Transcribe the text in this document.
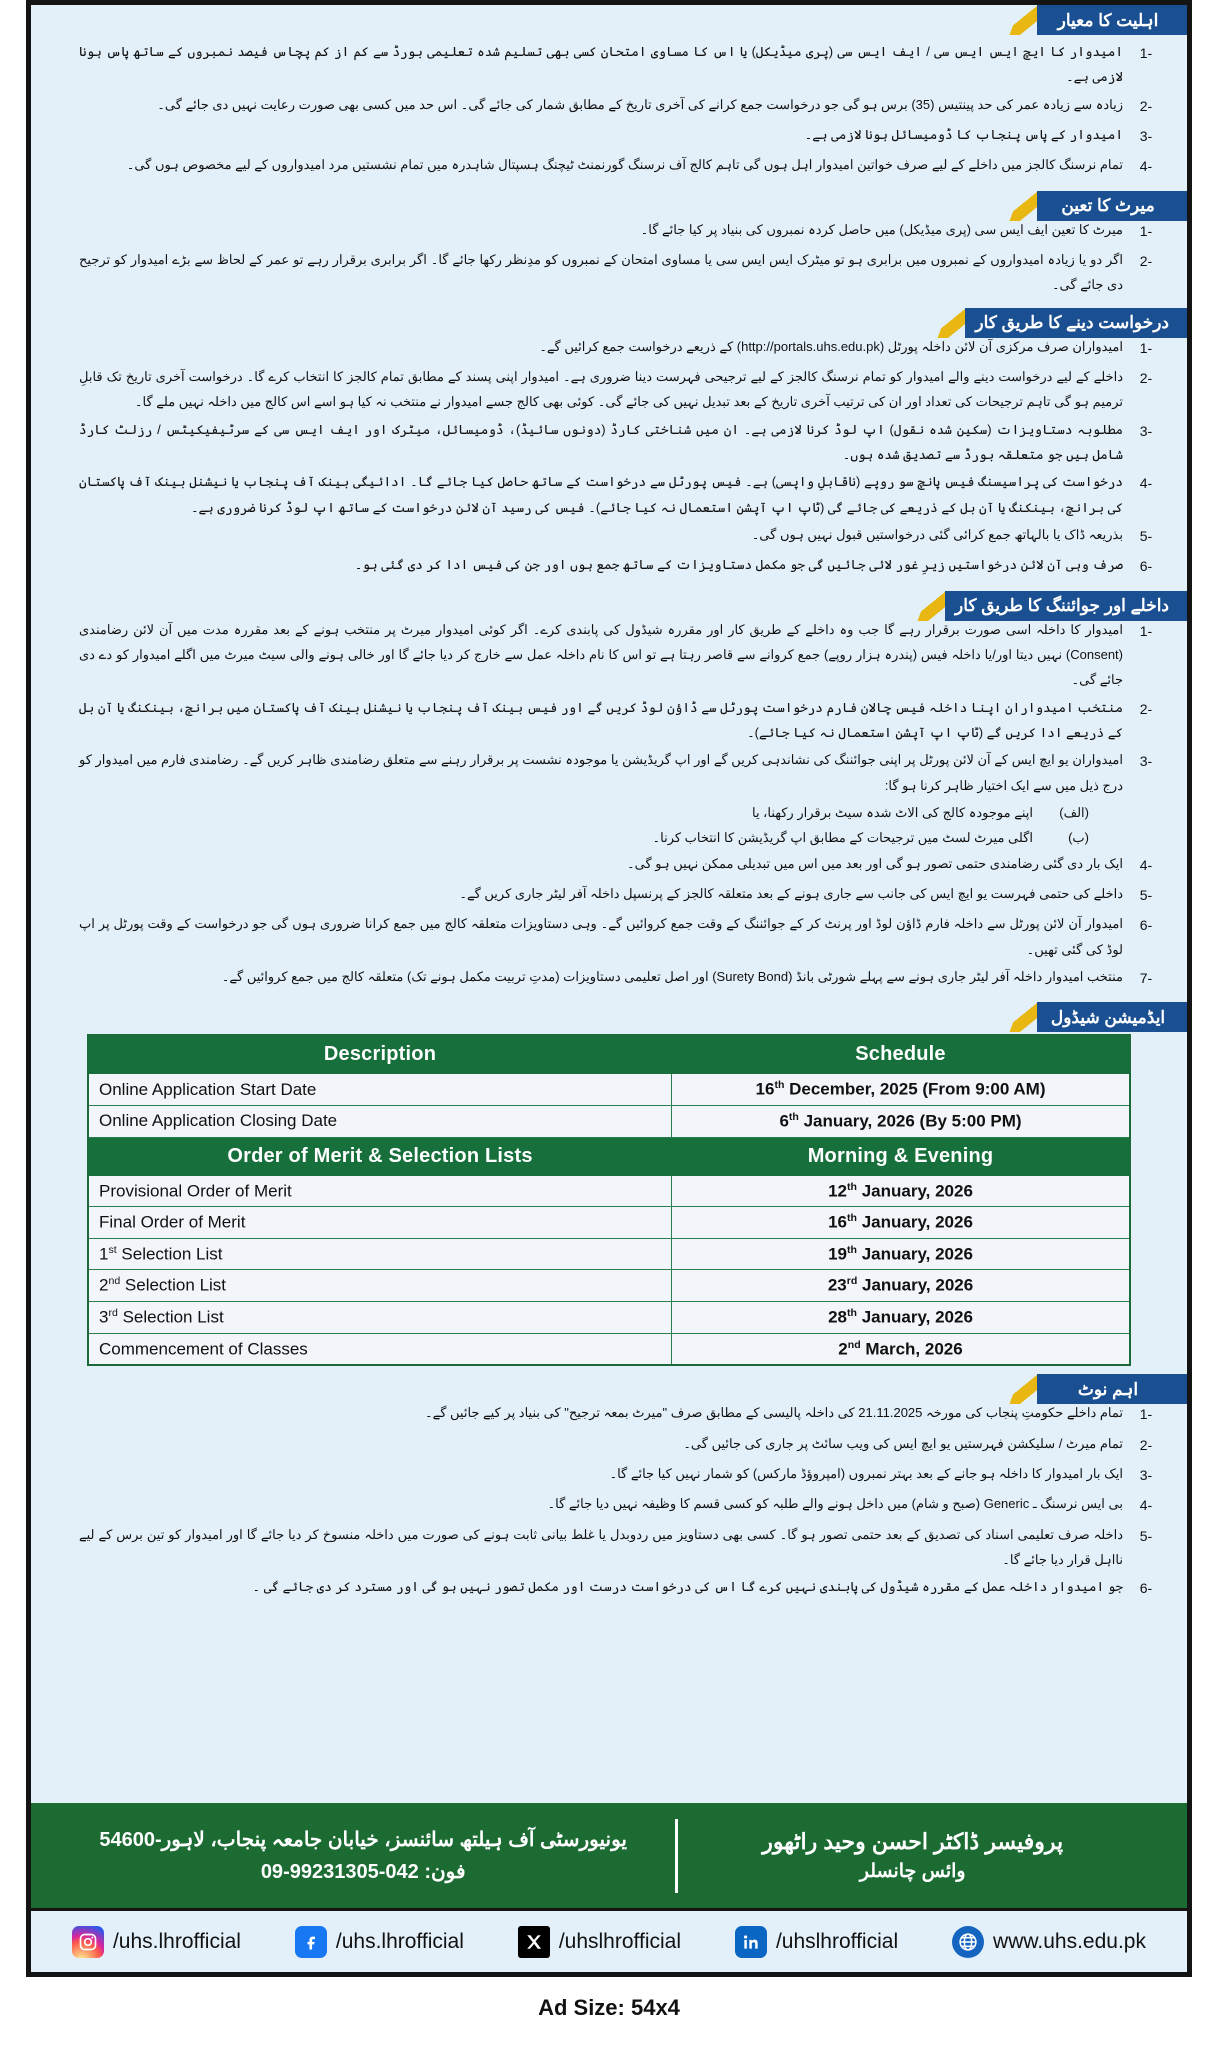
اہلیت کا معیار
1-
امیدوار کا ایچ ایس ایس سی / ایف ایس سی (پری میڈیکل) یا اس کا مساوی امتحان کسی بھی تسلیم شدہ تعلیمی بورڈ سے کم از کم پچاس فیصد نمبروں کے ساتھ پاس ہونا لازمی ہے۔
2-
زیادہ سے زیادہ عمر کی حد پینتیس (35) برس ہو گی جو درخواست جمع کرانے کی آخری تاریخ کے مطابق شمار کی جائے گی۔ اس حد میں کسی بھی صورت رعایت نہیں دی جائے گی۔
3-
امیدوار کے پاس پنجاب کا ڈومیسائل ہونا لازمی ہے۔
4-
تمام نرسنگ کالجز میں داخلے کے لیے صرف خواتین امیدوار اہل ہوں گی تاہم کالج آف نرسنگ گورنمنٹ ٹیچنگ ہسپتال شاہدرہ میں تمام نشستیں مرد امیدواروں کے لیے مخصوص ہوں گی۔
میرٹ کا تعین
1-
میرٹ کا تعین ایف ایس سی (پری میڈیکل) میں حاصل کردہ نمبروں کی بنیاد پر کیا جائے گا۔
2-
اگر دو یا زیادہ امیدواروں کے نمبروں میں برابری ہو تو میٹرک ایس ایس سی یا مساوی امتحان کے نمبروں کو مدِنظر رکھا جائے گا۔ اگر برابری برقرار رہے تو عمر کے لحاظ سے بڑے امیدوار کو ترجیح دی جائے گی۔
درخواست دینے کا طریق کار
1-
امیدواران صرف مرکزی آن لائن داخلہ پورٹل (http://portals.uhs.edu.pk) کے ذریعے درخواست جمع کرائیں گے۔
2-
داخلے کے لیے درخواست دینے والے امیدوار کو تمام نرسنگ کالجز کے لیے ترجیحی فہرست دینا ضروری ہے۔ امیدوار اپنی پسند کے مطابق تمام کالجز کا انتخاب کرے گا۔ درخواست آخری تاریخ تک قابلِ ترمیم ہو گی تاہم ترجیحات کی تعداد اور ان کی ترتیب آخری تاریخ کے بعد تبدیل نہیں کی جائے گی۔ کوئی بھی کالج جسے امیدوار نے منتخب نہ کیا ہو اسے اس کالج میں داخلہ نہیں ملے گا۔
3-
مطلوبہ دستاویزات (سکین شدہ نقول) اپ لوڈ کرنا لازمی ہے۔ ان میں شناختی کارڈ (دونوں سائیڈ)، ڈومیسائل، میٹرک اور ایف ایس سی کے سرٹیفیکیٹس / رزلٹ کارڈ شامل ہیں جو متعلقہ بورڈ سے تصدیق شدہ ہوں۔
4-
درخواست کی پراسیسنگ فیس پانچ سو روپے (ناقابلِ واپسی) ہے۔ فیس پورٹل سے درخواست کے ساتھ حاصل کیا جائے گا۔ ادائیگی بینک آف پنجاب یا نیشنل بینک آف پاکستان کی برانچ، بینکنگ یا آن بل کے ذریعے کی جائے گی (ٹاپ اپ آپشن استعمال نہ کیا جائے)۔ فیس کی رسید آن لائن درخواست کے ساتھ اپ لوڈ کرنا ضروری ہے۔
5-
بذریعہ ڈاک یا بالہاتھ جمع کرائی گئی درخواستیں قبول نہیں ہوں گی۔
6-
صرف وہی آن لائن درخواستیں زیرِ غور لائی جائیں گی جو مکمل دستاویزات کے ساتھ جمع ہوں اور جن کی فیس ادا کر دی گئی ہو۔
داخلے اور جوائننگ کا طریق کار
1-
امیدوار کا داخلہ اسی صورت برقرار رہے گا جب وہ داخلے کے طریق کار اور مقررہ شیڈول کی پابندی کرے۔ اگر کوئی امیدوار میرٹ پر منتخب ہونے کے بعد مقررہ مدت میں آن لائن رضامندی (Consent) نہیں دیتا اور/یا داخلہ فیس (پندرہ ہزار روپے) جمع کروانے سے قاصر رہتا ہے تو اس کا نام داخلہ عمل سے خارج کر دیا جائے گا اور خالی ہونے والی سیٹ میرٹ میں اگلے امیدوار کو دے دی جائے گی۔
2-
منتخب امیدواران اپنا داخلہ فیس چالان فارم درخواست پورٹل سے ڈاؤن لوڈ کریں گے اور فیس بینک آف پنجاب یا نیشنل بینک آف پاکستان میں برانچ، بینکنگ یا آن بل کے ذریعے ادا کریں گے (ٹاپ اپ آپشن استعمال نہ کیا جائے)۔
3-
امیدواران یو ایچ ایس کے آن لائن پورٹل پر اپنی جوائننگ کی نشاندہی کریں گے اور اپ گریڈیشن یا موجودہ نشست پر برقرار رہنے سے متعلق رضامندی ظاہر کریں گے۔ رضامندی فارم میں امیدوار کو درج ذیل میں سے ایک اختیار ظاہر کرنا ہو گا:
(الف)
اپنے موجودہ کالج کی الاٹ شدہ سیٹ برقرار رکھنا، یا
(ب)
اگلی میرٹ لسٹ میں ترجیحات کے مطابق اپ گریڈیشن کا انتخاب کرنا۔
4-
ایک بار دی گئی رضامندی حتمی تصور ہو گی اور بعد میں اس میں تبدیلی ممکن نہیں ہو گی۔
5-
داخلے کی حتمی فہرست یو ایچ ایس کی جانب سے جاری ہونے کے بعد متعلقہ کالجز کے پرنسپل داخلہ آفر لیٹر جاری کریں گے۔
6-
امیدوار آن لائن پورٹل سے داخلہ فارم ڈاؤن لوڈ اور پرنٹ کر کے جوائننگ کے وقت جمع کروائیں گے۔ وہی دستاویزات متعلقہ کالج میں جمع کرانا ضروری ہوں گی جو درخواست کے وقت پورٹل پر اپ لوڈ کی گئی تھیں۔
7-
منتخب امیدوار داخلہ آفر لیٹر جاری ہونے سے پہلے شورٹی بانڈ (Surety Bond) اور اصل تعلیمی دستاویزات (مدتِ تربیت مکمل ہونے تک) متعلقہ کالج میں جمع کروائیں گے۔
ایڈمیشن شیڈول
Description	Schedule
Online Application Start Date	16th December, 2025 (From 9:00 AM)
Online Application Closing Date	6th January, 2026 (By 5:00 PM)
Order of Merit & Selection Lists	Morning & Evening
Provisional Order of Merit	12th January, 2026
Final Order of Merit	16th January, 2026
1st Selection List	19th January, 2026
2nd Selection List	23rd January, 2026
3rd Selection List	28th January, 2026
Commencement of Classes	2nd March, 2026
اہم نوٹ
1-
تمام داخلے حکومتِ پنجاب کی مورخہ 21.11.2025 کی داخلہ پالیسی کے مطابق صرف "میرٹ بمعہ ترجیح" کی بنیاد پر کیے جائیں گے۔
2-
تمام میرٹ / سلیکشن فہرستیں یو ایچ ایس کی ویب سائٹ پر جاری کی جائیں گی۔
3-
ایک بار امیدوار کا داخلہ ہو جانے کے بعد بہتر نمبروں (امپروؤڈ مارکس) کو شمار نہیں کیا جائے گا۔
4-
بی ایس نرسنگ ـ Generic (صبح و شام) میں داخل ہونے والے طلبہ کو کسی قسم کا وظیفہ نہیں دیا جائے گا۔
5-
داخلہ صرف تعلیمی اسناد کی تصدیق کے بعد حتمی تصور ہو گا۔ کسی بھی دستاویز میں ردوبدل یا غلط بیانی ثابت ہونے کی صورت میں داخلہ منسوخ کر دیا جائے گا اور امیدوار کو تین برس کے لیے نااہل قرار دیا جائے گا۔
6-
جو امیدوار داخلہ عمل کے مقررہ شیڈول کی پابندی نہیں کرے گا اس کی درخواست درست اور مکمل تصور نہیں ہو گی اور مسترد کر دی جائے گی ۔
پروفیسر ڈاکٹر احسن وحید راٹھور
وائس چانسلر
یونیورسٹی آف ہیلتھ سائنسز، خیابان جامعہ پنجاب، لاہور-54600
فون: 042-99231305-09
/uhs.lhrofficial	/uhs.lhrofficial	/uhslhrofficial	/uhslhrofficial	www.uhs.edu.pk
Ad Size: 54x4
